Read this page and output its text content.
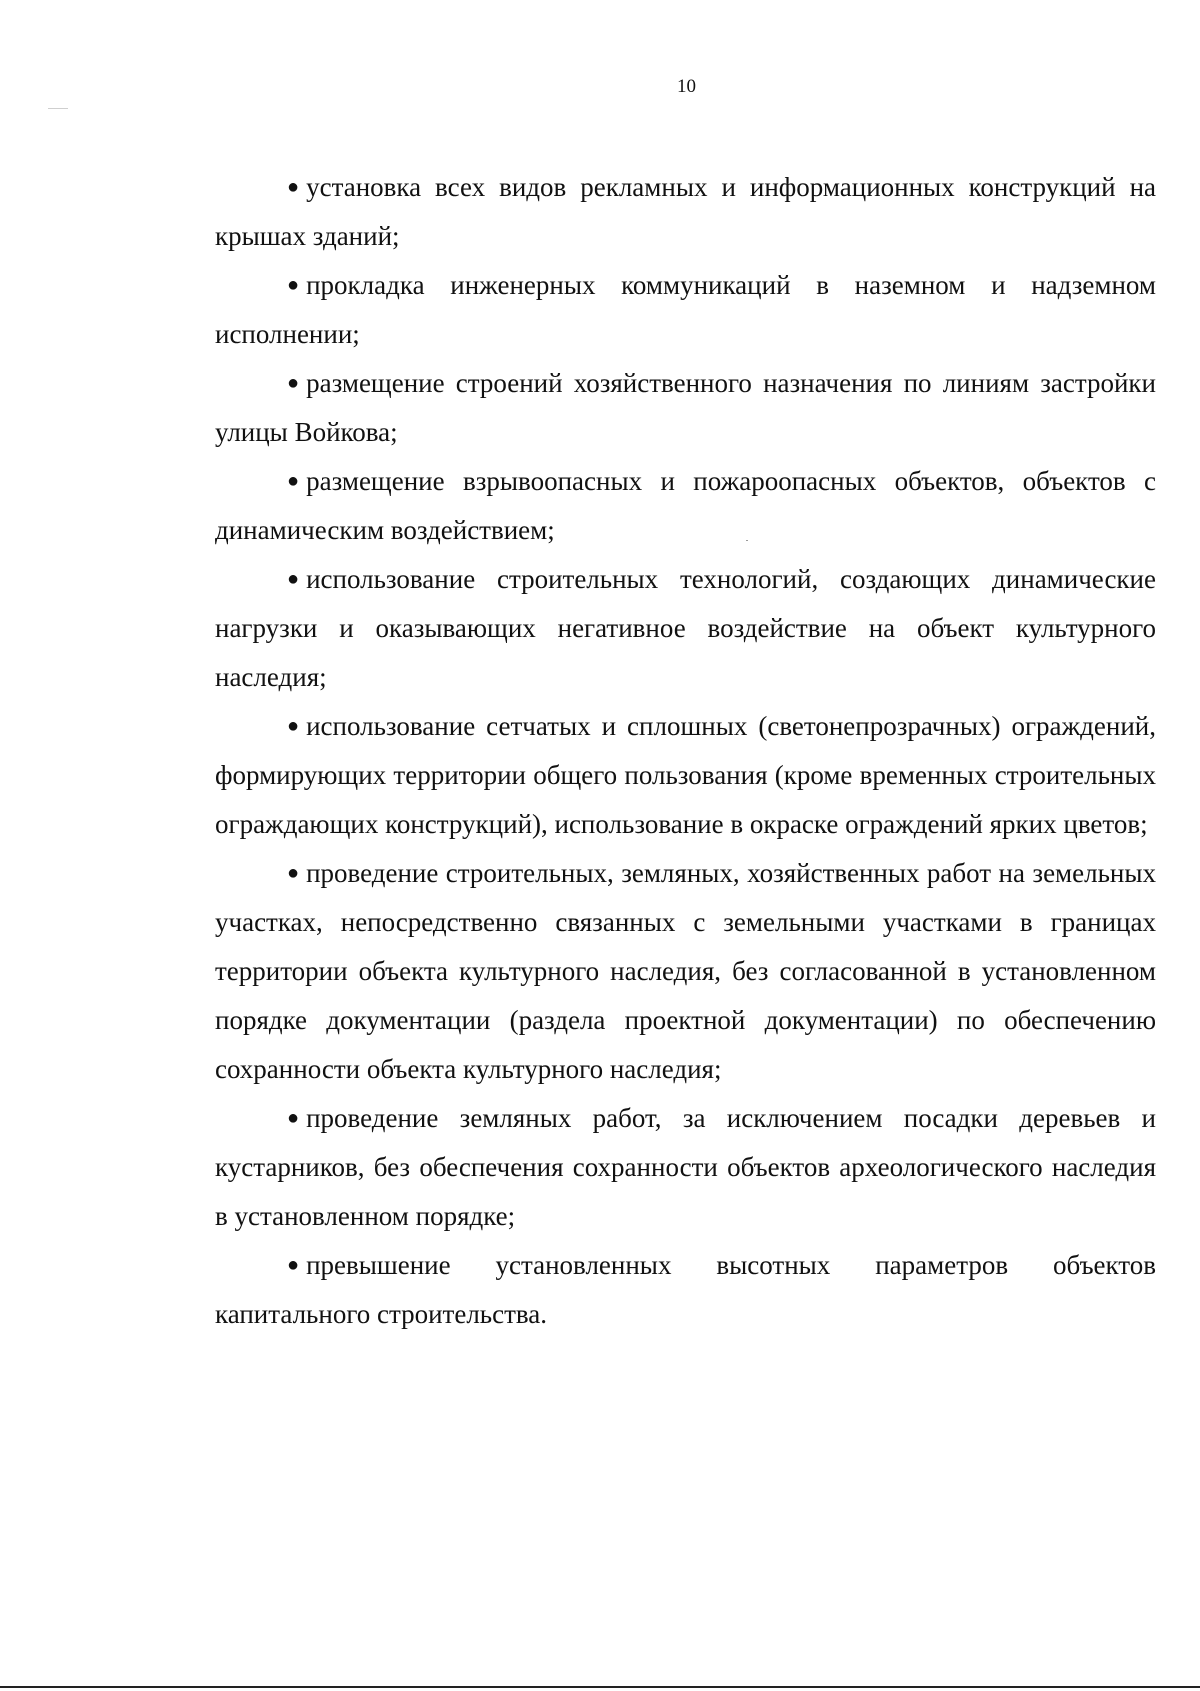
10

● установка всех видов рекламных и информационных конструкций на крышах зданий;

● прокладка инженерных коммуникаций в наземном и надземном исполнении;

● размещение строений хозяйственного назначения по линиям застройки улицы Войкова;

● размещение взрывоопасных и пожароопасных объектов, объектов с динамическим воздействием;

● использование строительных технологий, создающих динамические нагрузки и оказывающих негативное воздействие на объект культурного наследия;

● использование сетчатых и сплошных (светонепрозрачных) ограждений, формирующих территории общего пользования (кроме временных строительных ограждающих конструкций), использование в окраске ограждений ярких цветов;

● проведение строительных, земляных, хозяйственных работ на земельных участках, непосредственно связанных с земельными участками в границах территории объекта культурного наследия, без согласованной в установленном порядке документации (раздела проектной документации) по обеспечению сохранности объекта культурного наследия;

● проведение земляных работ, за исключением посадки деревьев и кустарников, без обеспечения сохранности объектов археологического наследия в установленном порядке;

● превышение установленных высотных параметров объектов капитального строительства.
